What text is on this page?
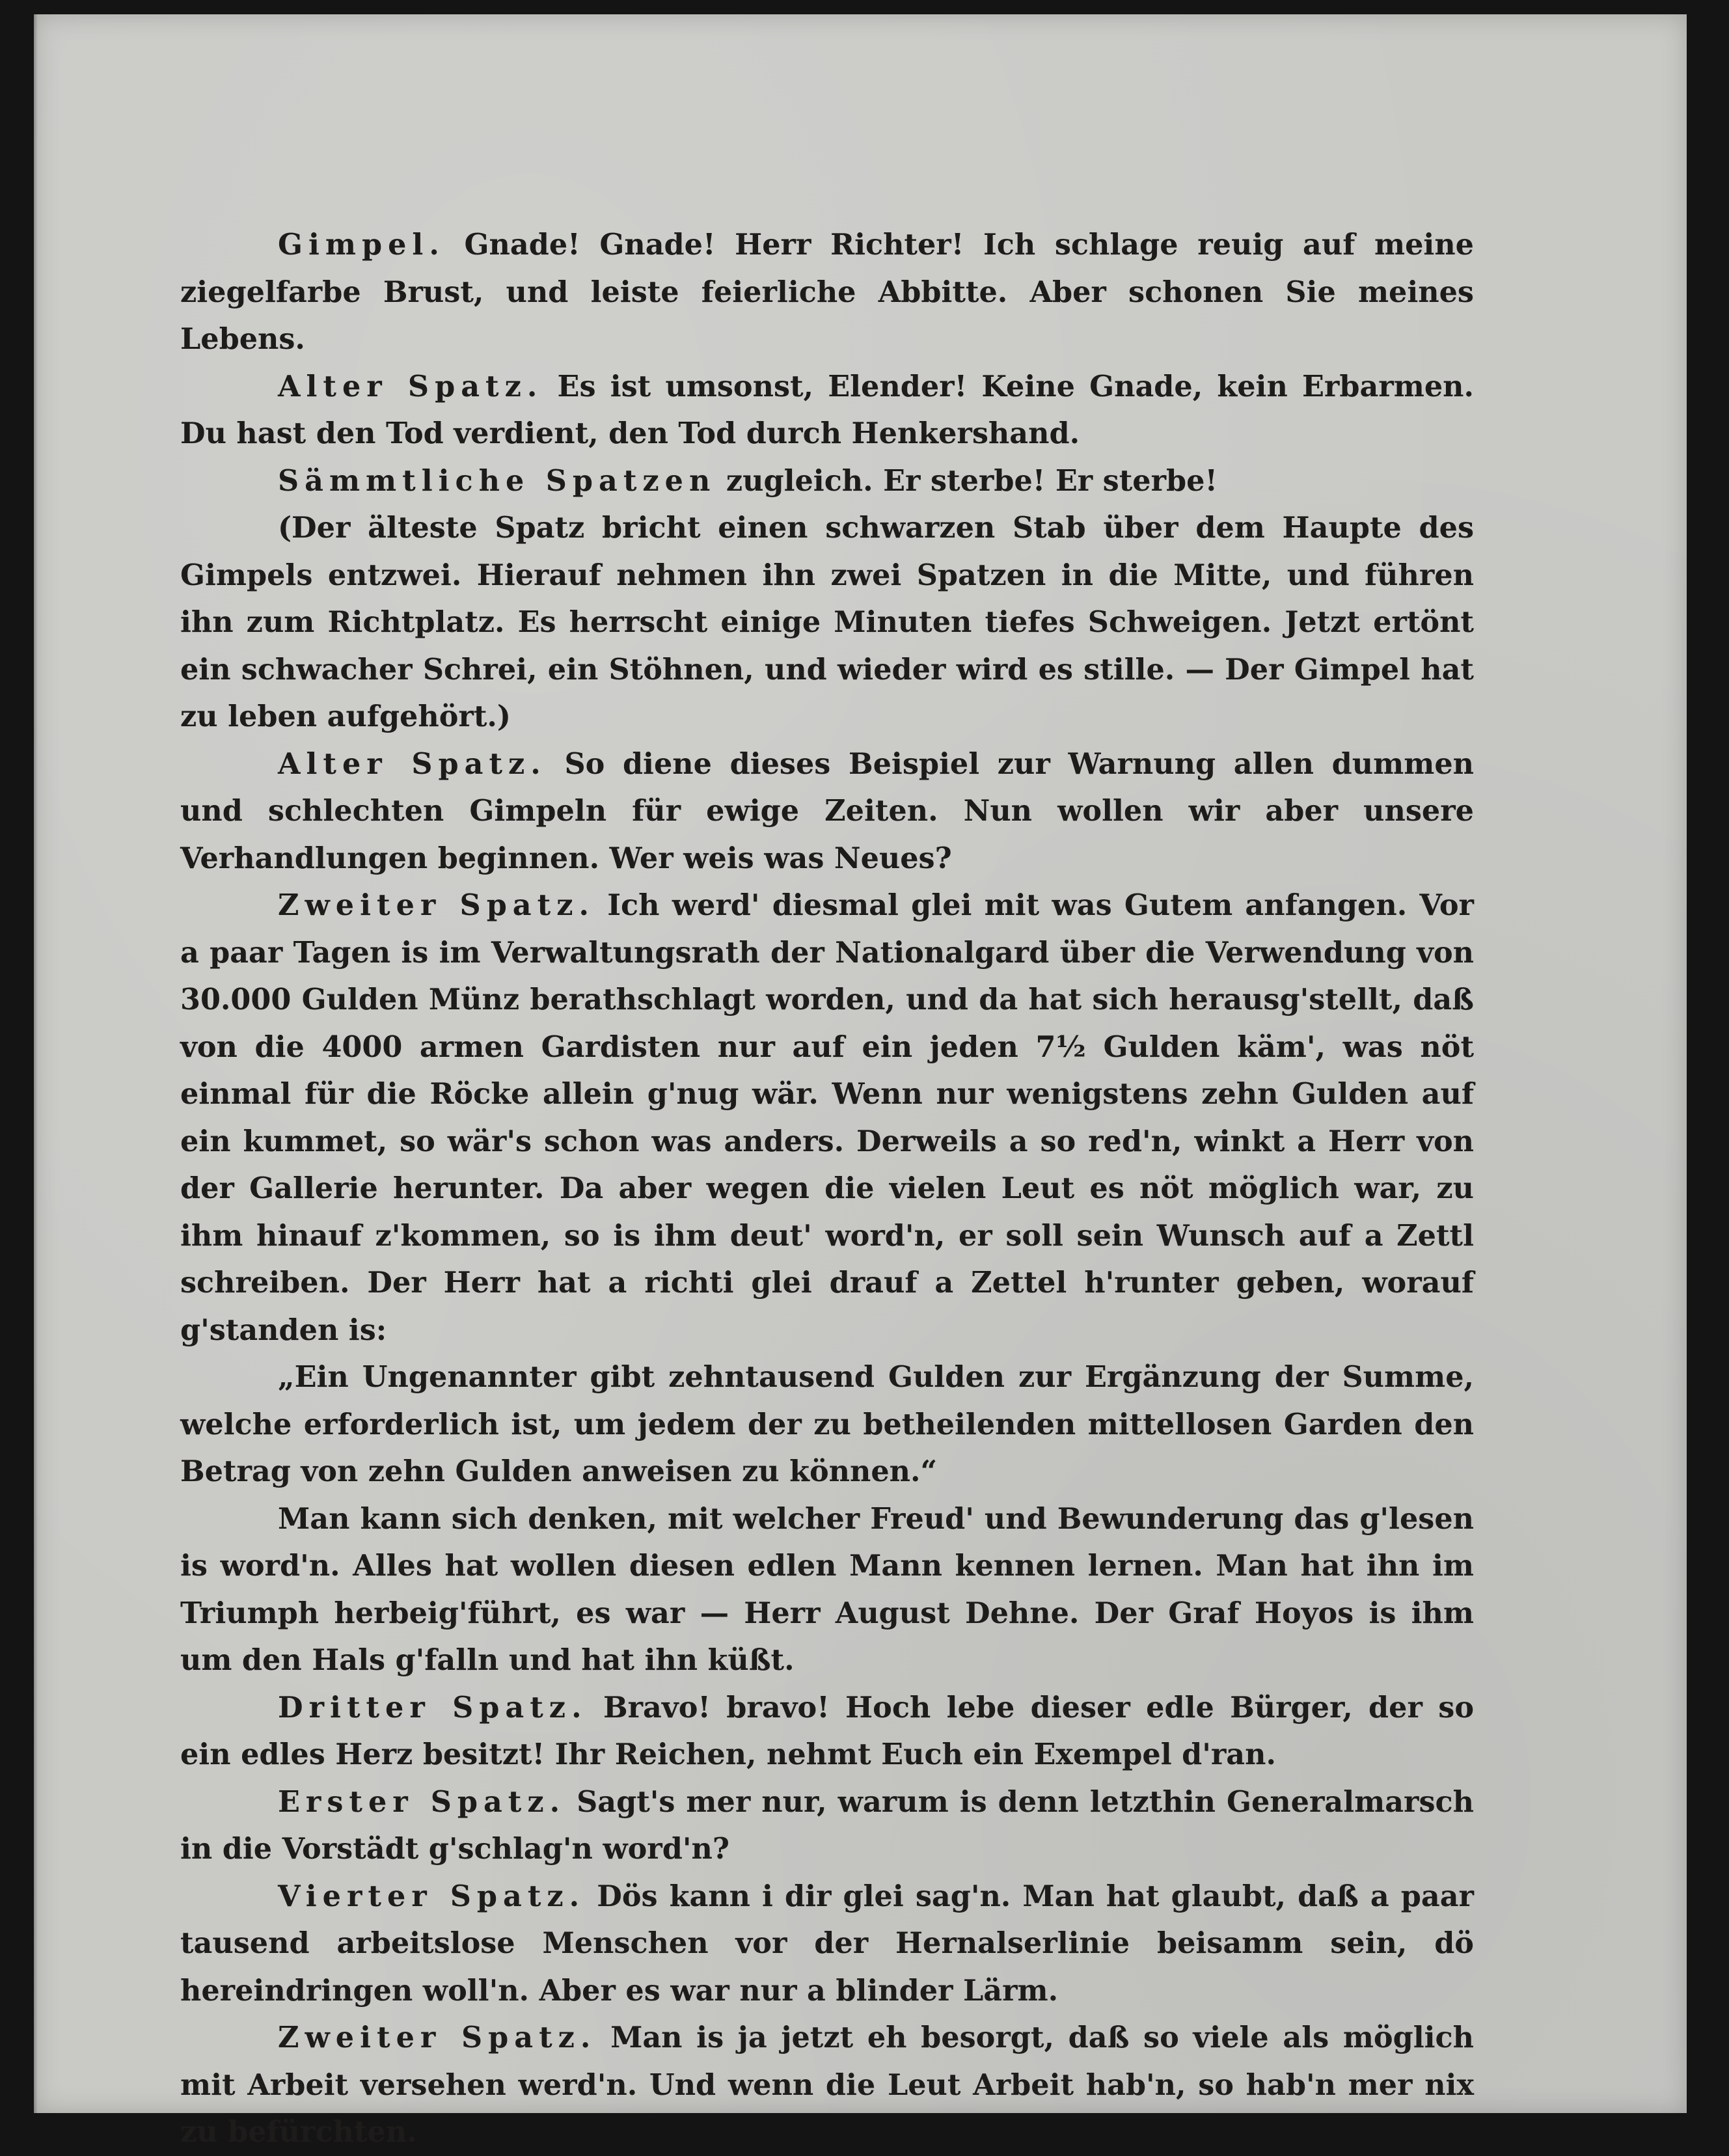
Gimpel. Gnade! Gnade! Herr Richter! Ich schlage reuig auf meine ziegelfarbe Brust, und leiste feierliche Abbitte. Aber schonen Sie meines Lebens.

Alter Spatz. Es ist umsonst, Elender! Keine Gnade, kein Erbarmen. Du hast den Tod verdient, den Tod durch Henkershand.

Sämmtliche Spatzen zugleich. Er sterbe! Er sterbe!

(Der älteste Spatz bricht einen schwarzen Stab über dem Haupte des Gimpels entzwei. Hierauf nehmen ihn zwei Spatzen in die Mitte, und führen ihn zum Richtplatz. Es herrscht einige Minuten tiefes Schweigen. Jetzt ertönt ein schwacher Schrei, ein Stöhnen, und wieder wird es stille. — Der Gimpel hat zu leben aufgehört.)

Alter Spatz. So diene dieses Beispiel zur Warnung allen dummen und schlechten Gimpeln für ewige Zeiten. Nun wollen wir aber unsere Verhandlungen beginnen. Wer weis was Neues?

Zweiter Spatz. Ich werd' diesmal glei mit was Gutem anfangen. Vor a paar Tagen is im Verwaltungsrath der Nationalgard über die Verwendung von 30.000 Gulden Münz berathschlagt worden, und da hat sich herausg'stellt, daß von die 4000 armen Gardisten nur auf ein jeden 7½ Gulden käm', was nöt einmal für die Röcke allein g'nug wär. Wenn nur wenigstens zehn Gulden auf ein kummet, so wär's schon was anders. Derweils a so red'n, winkt a Herr von der Gallerie herunter. Da aber wegen die vielen Leut es nöt möglich war, zu ihm hinauf z'kommen, so is ihm deut' word'n, er soll sein Wunsch auf a Zettl schreiben. Der Herr hat a richti glei drauf a Zettel h'runter geben, worauf g'standen is:

„Ein Ungenannter gibt zehntausend Gulden zur Ergänzung der Summe, welche erforderlich ist, um jedem der zu betheilenden mittellosen Garden den Betrag von zehn Gulden anweisen zu können.“

Man kann sich denken, mit welcher Freud' und Bewunderung das g'lesen is word'n. Alles hat wollen diesen edlen Mann kennen lernen. Man hat ihn im Triumph herbeig'führt, es war — Herr August Dehne. Der Graf Hoyos is ihm um den Hals g'falln und hat ihn küßt.

Dritter Spatz. Bravo! bravo! Hoch lebe dieser edle Bürger, der so ein edles Herz besitzt! Ihr Reichen, nehmt Euch ein Exempel d'ran.

Erster Spatz. Sagt's mer nur, warum is denn letzthin Generalmarsch in die Vorstädt g'schlag'n word'n?

Vierter Spatz. Dös kann i dir glei sag'n. Man hat glaubt, daß a paar tausend arbeitslose Menschen vor der Hernalserlinie beisamm sein, dö hereindringen woll'n. Aber es war nur a blinder Lärm.

Zweiter Spatz. Man is ja jetzt eh besorgt, daß so viele als möglich mit Arbeit versehen werd'n. Und wenn die Leut Arbeit hab'n, so hab'n mer nix zu befürchten.
